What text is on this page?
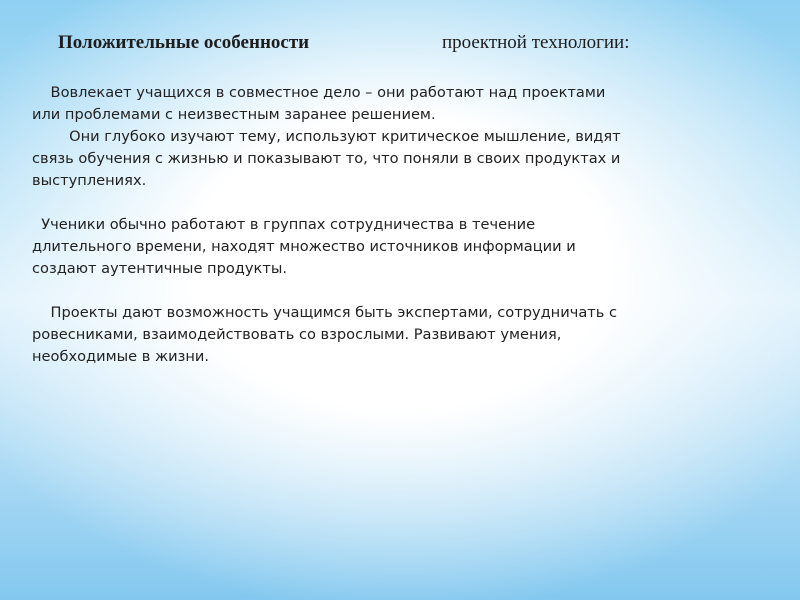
Положительные особенности	проектной технологии:

Вовлекает учащихся в совместное дело – они работают над проектами

или проблемами с неизвестным заранее решением.

Они глубоко изучают тему, используют критическое мышление, видят

связь обучения с жизнью и показывают то, что поняли в своих продуктах и

выступлениях.

Ученики обычно работают в группах сотрудничества в течение

длительного времени, находят множество источников информации и

создают аутентичные продукты.

Проекты дают возможность учащимся быть экспертами, сотрудничать с

ровесниками, взаимодействовать со взрослыми. Развивают умения,

необходимые в жизни.
